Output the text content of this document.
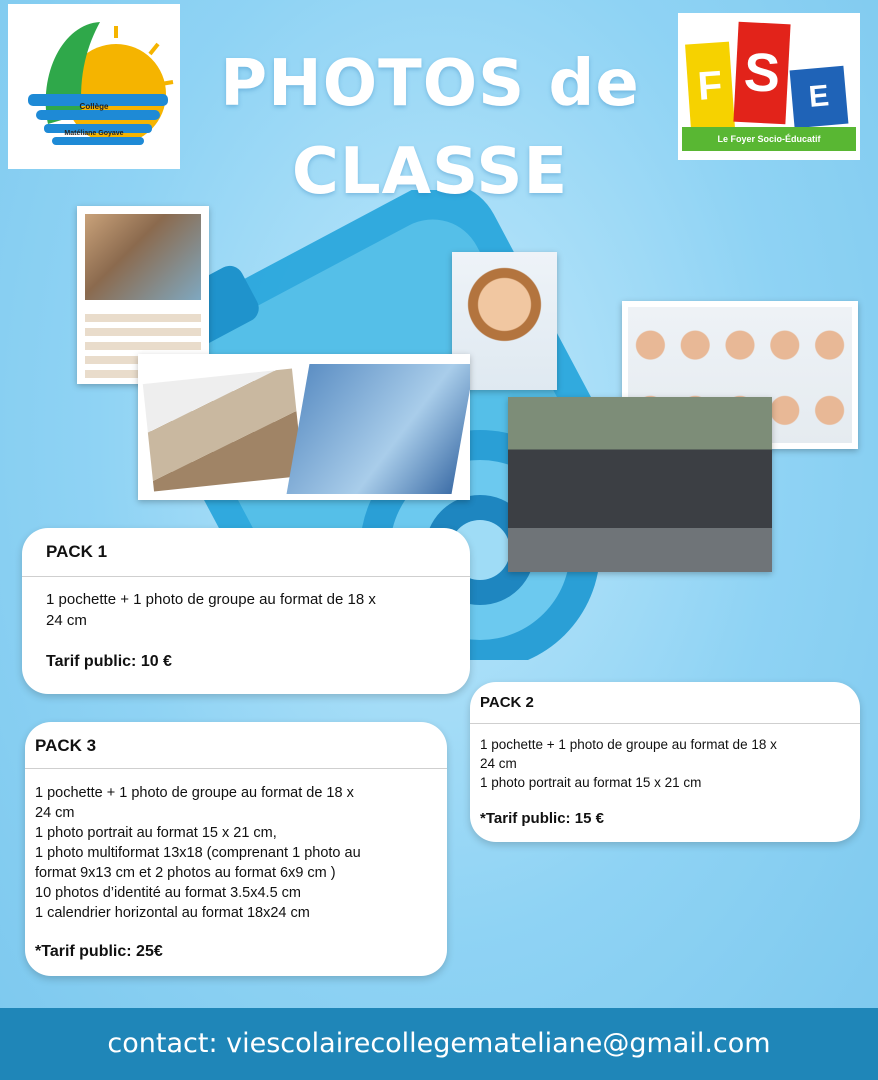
Collège
Matéliane Goyave
PHOTOS de
CLASSE
F S E
Le Foyer Socio-Éducatif
PACK 1

1 pochette + 1 photo de groupe au format de 18 x

24 cm

Tarif public: 10 €

PACK 2

1 pochette + 1 photo de groupe au format de 18 x

24 cm

1 photo portrait au format 15 x 21 cm

*Tarif public: 15 €

PACK 3

1 pochette + 1 photo de groupe au format de 18 x

24 cm

1 photo portrait au format 15 x 21 cm,

1 photo multiformat 13x18 (comprenant 1 photo au

format 9x13 cm et 2 photos au format 6x9 cm )

10 photos d’identité au format 3.5x4.5 cm

1 calendrier horizontal au format 18x24 cm

*Tarif public: 25€

contact: viescolairecollegemateliane@gmail.com
